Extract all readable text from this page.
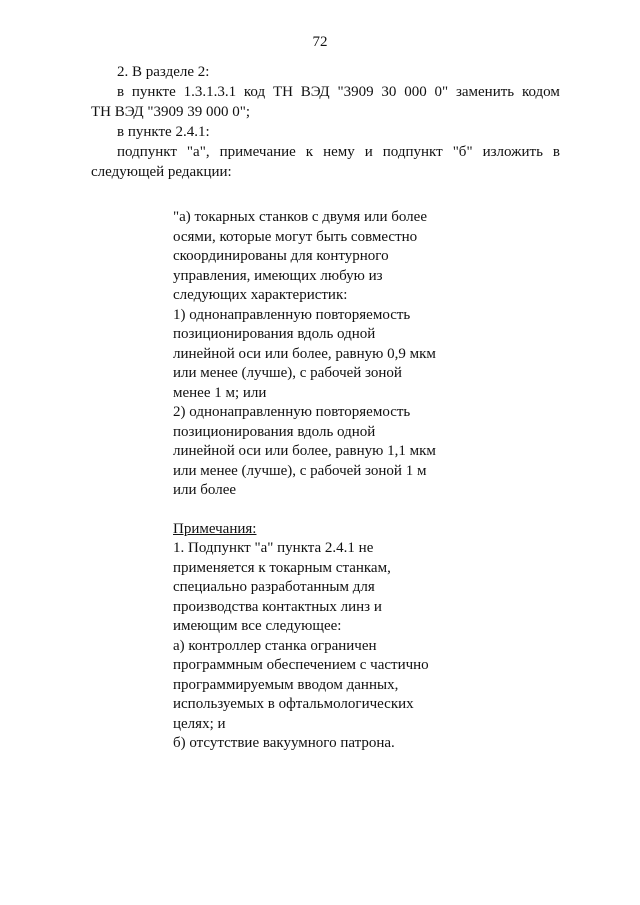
72
2. В разделе 2:
в пункте 1.3.1.3.1 код ТН ВЭД "3909 30 000 0" заменить кодом
ТН ВЭД "3909 39 000 0";
в пункте 2.4.1:
подпункт "а", примечание к нему и подпункт "б" изложить в
следующей редакции:
"а) токарных станков с двумя или более
осями, которые могут быть совместно
скоординированы для контурного
управления, имеющих любую из
следующих характеристик:
1) однонаправленную повторяемость
позиционирования вдоль одной
линейной оси или более, равную 0,9 мкм
или менее (лучше), с рабочей зоной
менее 1 м; или
2) однонаправленную повторяемость
позиционирования вдоль одной
линейной оси или более, равную 1,1 мкм
или менее (лучше), с рабочей зоной 1 м
или более
Примечания:
1. Подпункт "а" пункта 2.4.1 не
применяется к токарным станкам,
специально разработанным для
производства контактных линз и
имеющим все следующее:
а) контроллер станка ограничен
программным обеспечением с частично
программируемым вводом данных,
используемых в офтальмологических
целях; и
б) отсутствие вакуумного патрона.
